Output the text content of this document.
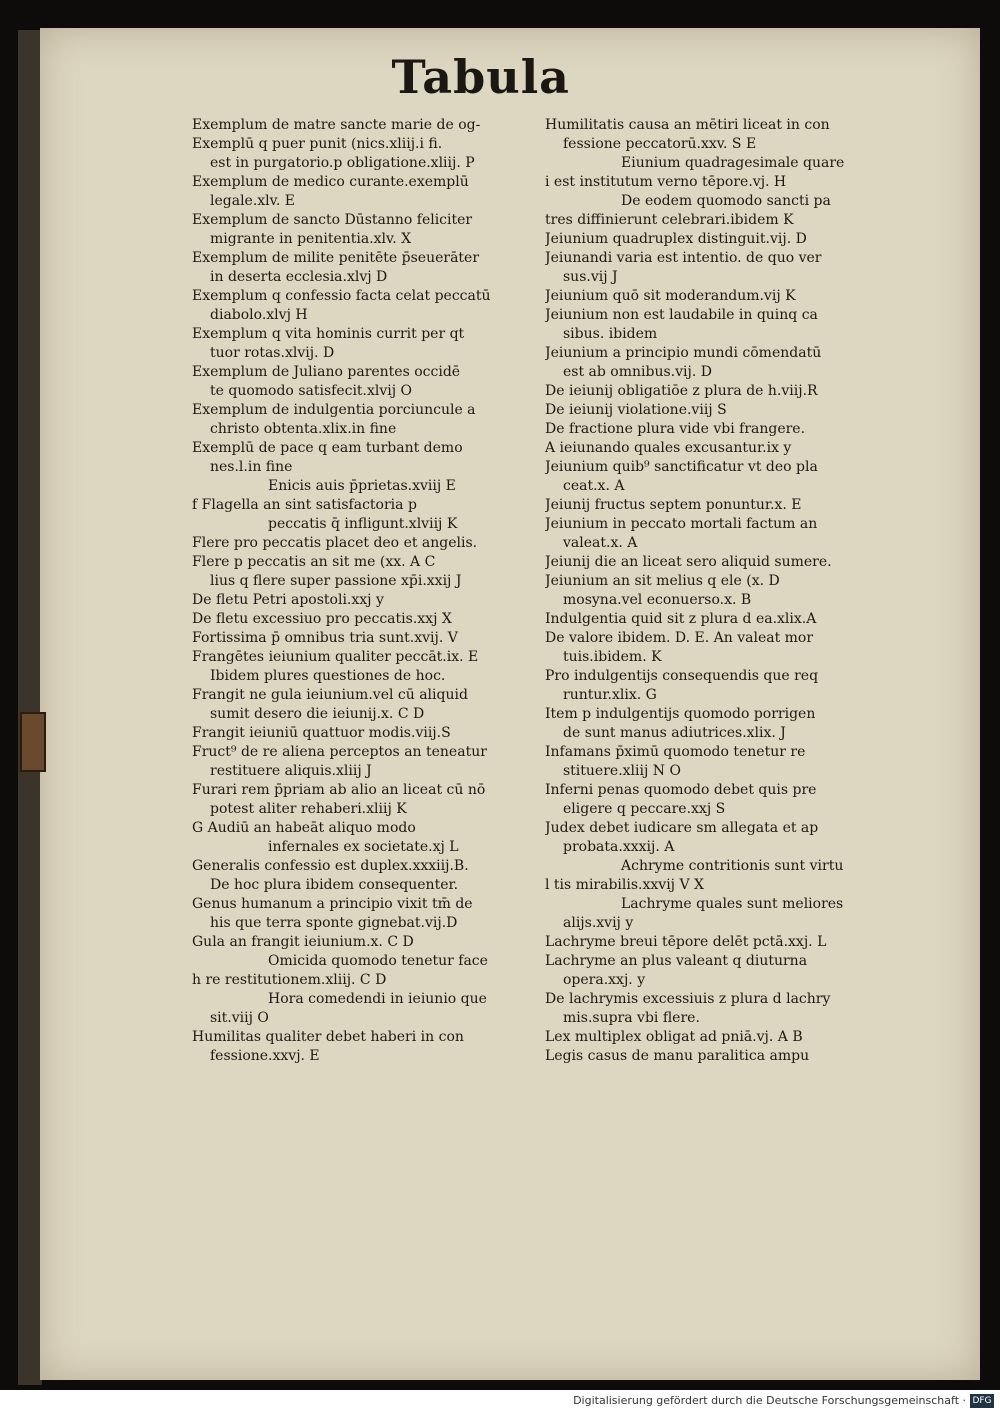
Tabula
Exemplum de matre sancte marie de og-
Exemplū q puer punit (nics.xliij.i fi.
est in purgatorio.p obligatione.xliij. P
Exemplum de medico curante.exemplū
legale.xlv. E
Exemplum de sancto Dūstanno feliciter
migrante in penitentia.xlv. X
Exemplum de milite penitēte p̄seuerāter
in deserta ecclesia.xlvj D
Exemplum q confessio facta celat peccatū
diabolo.xlvj H
Exemplum q vita hominis currit per qt
tuor rotas.xlvij. D
Exemplum de Juliano parentes occidē
te quomodo satisfecit.xlvij O
Exemplum de indulgentia porciuncule a
christo obtenta.xlix.in fine
Exemplū de pace q eam turbant demo
nes.l.in fine
Enicis auis p̄prietas.xviij E
f Flagella an sint satisfactoria p
peccatis q̄ infligunt.xlviij K
Flere pro peccatis placet deo et angelis.
Flere p peccatis an sit me (xx. A C
lius q flere super passione xp̄i.xxij J
De fletu Petri apostoli.xxj y
De fletu excessiuo pro peccatis.xxj X
Fortissima p̄ omnibus tria sunt.xvij. V
Frangētes ieiunium qualiter peccāt.ix. E
Ibidem plures questiones de hoc.
Frangit ne gula ieiunium.vel cū aliquid
sumit desero die ieiunij.x. C D
Frangit ieiuniū quattuor modis.viij.S
Fruct⁹ de re aliena perceptos an teneatur
restituere aliquis.xliij J
Furari rem p̄priam ab alio an liceat cū nō
potest aliter rehaberi.xliij K
G Audiū an habeāt aliquo modo
infernales ex societate.xj L
Generalis confessio est duplex.xxxiij.B.
De hoc plura ibidem consequenter.
Genus humanum a principio vixit tm̄ de
his que terra sponte gignebat.vij.D
Gula an frangit ieiunium.x. C D
Omicida quomodo tenetur face
h re restitutionem.xliij. C D
Hora comedendi in ieiunio que
sit.viij O
Humilitas qualiter debet haberi in con
fessione.xxvj. E
Humilitatis causa an mētiri liceat in con
fessione peccatorū.xxv. S E
Eiunium quadragesimale quare
i est institutum verno tēpore.vj. H
De eodem quomodo sancti pa
tres diffinierunt celebrari.ibidem K
Jeiunium quadruplex distinguit.vij. D
Jeiunandi varia est intentio. de quo ver
sus.vij J
Jeiunium quō sit moderandum.vij K
Jeiunium non est laudabile in quinq ca
sibus. ibidem
Jeiunium a principio mundi cōmendatū
est ab omnibus.vij. D
De ieiunij obligatiōe z plura de h.viij.R
De ieiunij violatione.viij S
De fractione plura vide vbi frangere.
A ieiunando quales excusantur.ix y
Jeiunium quib⁹ sanctificatur vt deo pla
ceat.x. A
Jeiunij fructus septem ponuntur.x. E
Jeiunium in peccato mortali factum an
valeat.x. A
Jeiunij die an liceat sero aliquid sumere.
Jeiunium an sit melius q ele (x. D
mosyna.vel econuerso.x. B
Indulgentia quid sit z plura d ea.xlix.A
De valore ibidem. D. E. An valeat mor
tuis.ibidem. K
Pro indulgentijs consequendis que req
runtur.xlix. G
Item p indulgentijs quomodo porrigen
de sunt manus adiutrices.xlix. J
Infamans p̄ximū quomodo tenetur re
stituere.xliij N O
Inferni penas quomodo debet quis pre
eligere q peccare.xxj S
Judex debet iudicare sm allegata et ap
probata.xxxij. A
Achryme contritionis sunt virtu
l tis mirabilis.xxvij V X
Lachryme quales sunt meliores
alijs.xvij y
Lachryme breui tēpore delēt pctā.xxj. L
Lachryme an plus valeant q diuturna
opera.xxj. y
De lachrymis excessiuis z plura d lachry
mis.supra vbi flere.
Lex multiplex obligat ad pniā.vj. A B
Legis casus de manu paralitica ampu
Digitalisierung gefördert durch die Deutsche Forschungsgemeinschaft · DFG
